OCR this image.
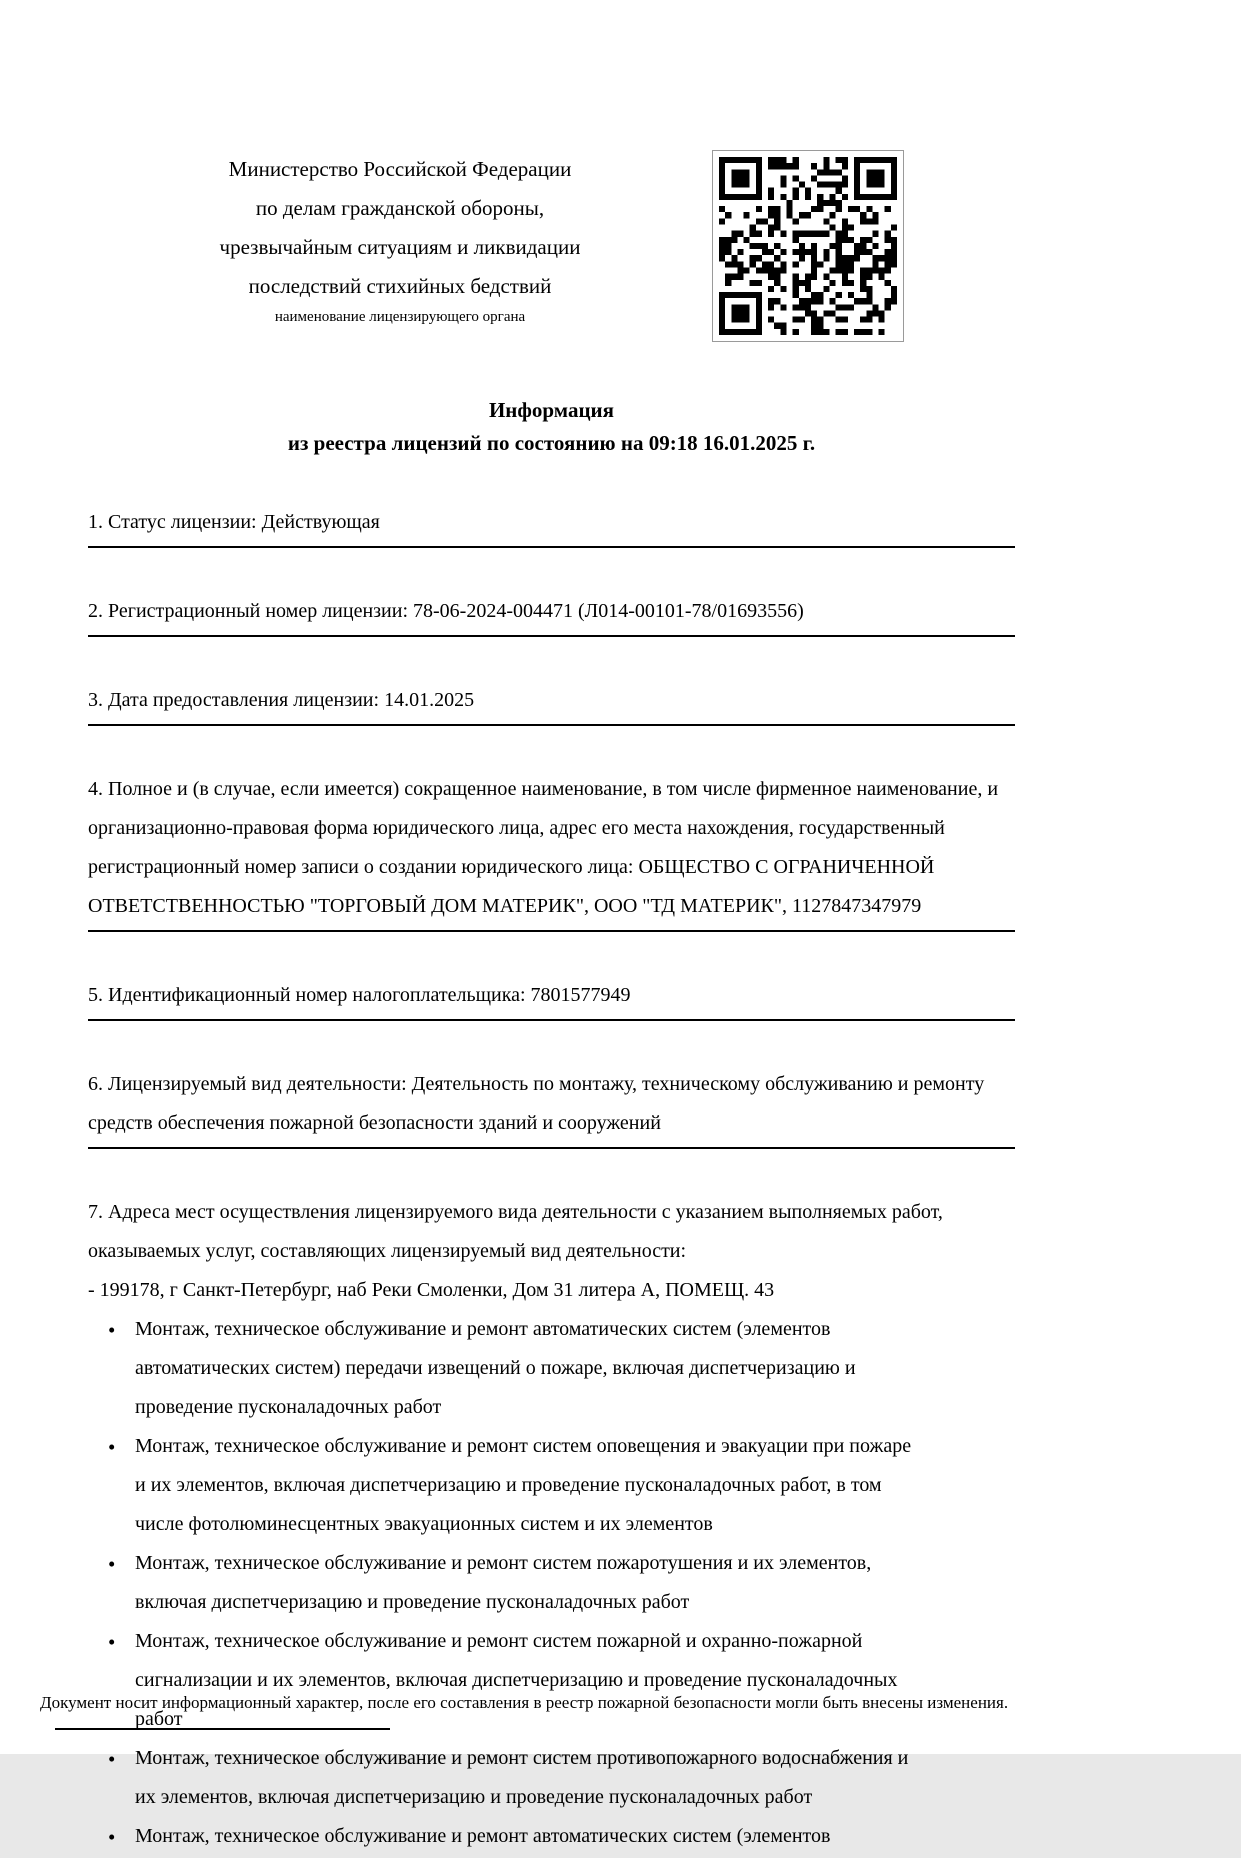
Министерство Российской Федерации
по делам гражданской обороны,
чрезвычайным ситуациям и ликвидации
последствий стихийных бедствий
наименование лицензирующего органа
Информация
из реестра лицензий по состоянию на 09:18 16.01.2025 г.
1. Статус лицензии: Действующая
2. Регистрационный номер лицензии: 78-06-2024-004471 (Л014-00101-78/01693556)
3. Дата предоставления лицензии: 14.01.2025
4. Полное и (в случае, если имеется) сокращенное наименование, в том числе фирменное наименование, и организационно-правовая форма юридического лица, адрес его места нахождения, государственный регистрационный номер записи о создании юридического лица: ОБЩЕСТВО С ОГРАНИЧЕННОЙ ОТВЕТСТВЕННОСТЬЮ "ТОРГОВЫЙ ДОМ МАТЕРИК", ООО "ТД МАТЕРИК", 1127847347979
5. Идентификационный номер налогоплательщика: 7801577949
6. Лицензируемый вид деятельности: Деятельность по монтажу, техническому обслуживанию и ремонту средств обеспечения пожарной безопасности зданий и сооружений
7. Адреса мест осуществления лицензируемого вида деятельности с указанием выполняемых работ, оказываемых услуг, составляющих лицензируемый вид деятельности:
- 199178, г Санкт-Петербург, наб Реки Смоленки, Дом 31 литера А, ПОМЕЩ. 43
• Монтаж, техническое обслуживание и ремонт автоматических систем (элементов автоматических систем) передачи извещений о пожаре, включая диспетчеризацию и проведение пусконаладочных работ
• Монтаж, техническое обслуживание и ремонт систем оповещения и эвакуации при пожаре и их элементов, включая диспетчеризацию и проведение пусконаладочных работ, в том числе фотолюминесцентных эвакуационных систем и их элементов
• Монтаж, техническое обслуживание и ремонт систем пожаротушения и их элементов, включая диспетчеризацию и проведение пусконаладочных работ
• Монтаж, техническое обслуживание и ремонт систем пожарной и охранно-пожарной сигнализации и их элементов, включая диспетчеризацию и проведение пусконаладочных работ
• Монтаж, техническое обслуживание и ремонт систем противопожарного водоснабжения и их элементов, включая диспетчеризацию и проведение пусконаладочных работ
• Монтаж, техническое обслуживание и ремонт автоматических систем (элементов
Документ носит информационный характер, после его составления в реестр пожарной безопасности могли быть внесены изменения.
